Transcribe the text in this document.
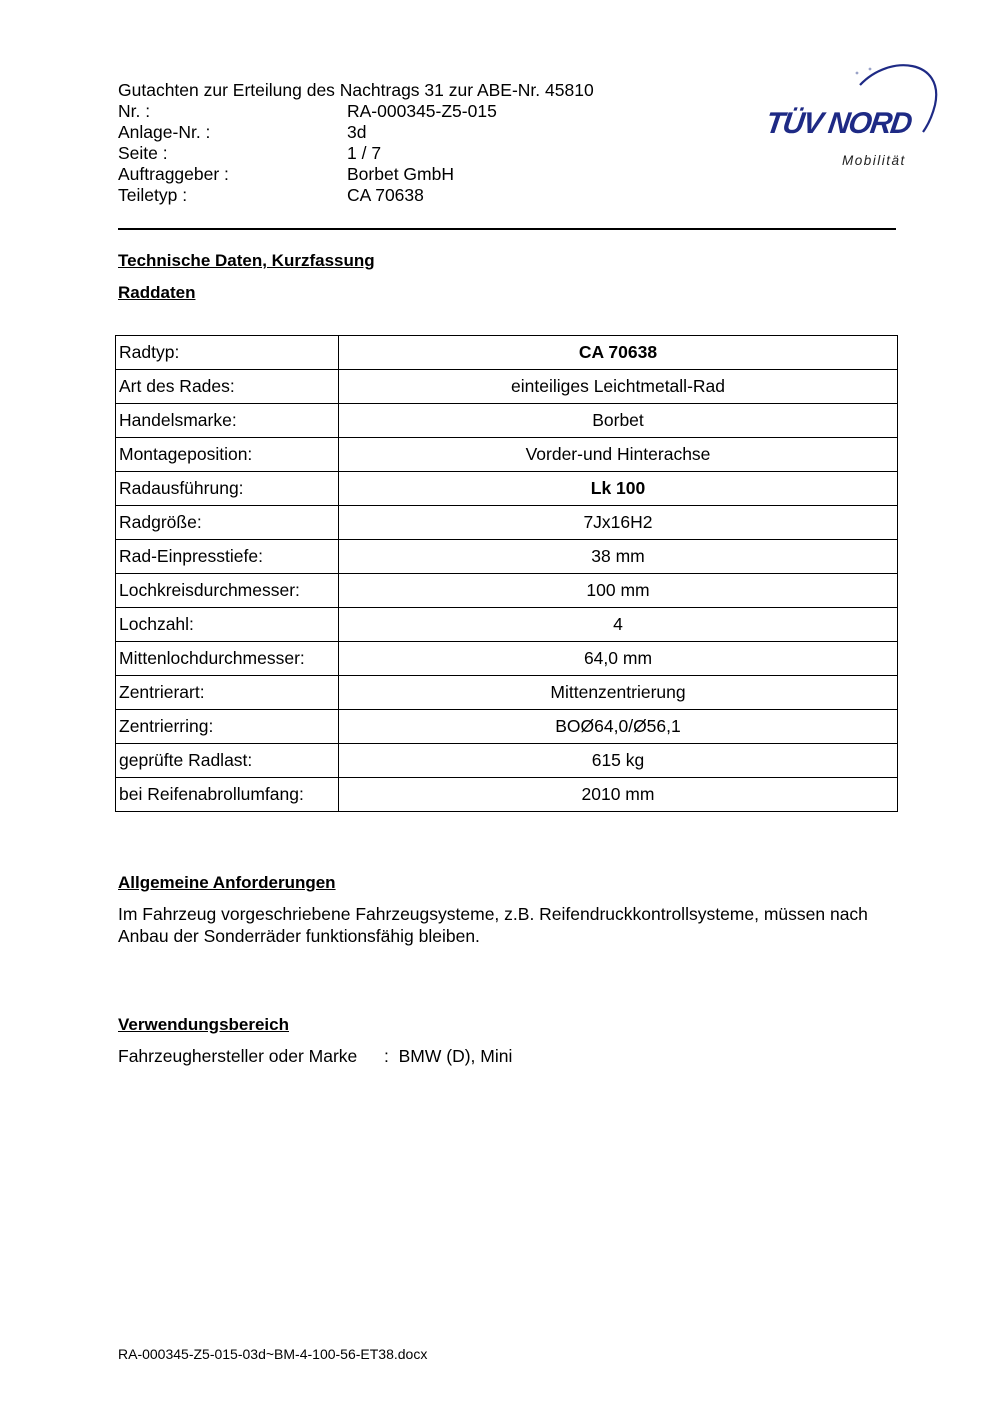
Gutachten zur Erteilung des Nachtrags 31 zur ABE-Nr. 45810
Nr. :	RA-000345-Z5-015
Anlage-Nr. :	3d
Seite :	1 / 7
Auftraggeber :	Borbet GmbH
Teiletyp :	CA 70638
TÜV NORD
Mobilität
Technische Daten, Kurzfassung
Raddaten
Radtyp:	CA 70638
Art des Rades:	einteiliges Leichtmetall-Rad
Handelsmarke:	Borbet
Montageposition:	Vorder-und Hinterachse
Radausführung:	Lk 100
Radgröße:	7Jx16H2
Rad-Einpresstiefe:	38 mm
Lochkreisdurchmesser:	100 mm
Lochzahl:	4
Mittenlochdurchmesser:	64,0 mm
Zentrierart:	Mittenzentrierung
Zentrierring:	BOØ64,0/Ø56,1
geprüfte Radlast:	615 kg
bei Reifenabrollumfang:	2010 mm
Allgemeine Anforderungen
Im Fahrzeug vorgeschriebene Fahrzeugsysteme, z.B. Reifendruckkontrollsysteme, müssen nach Anbau der Sonderräder funktionsfähig bleiben.
Verwendungsbereich
Fahrzeughersteller oder Marke : BMW (D), Mini
RA-000345-Z5-015-03d~BM-4-100-56-ET38.docx
